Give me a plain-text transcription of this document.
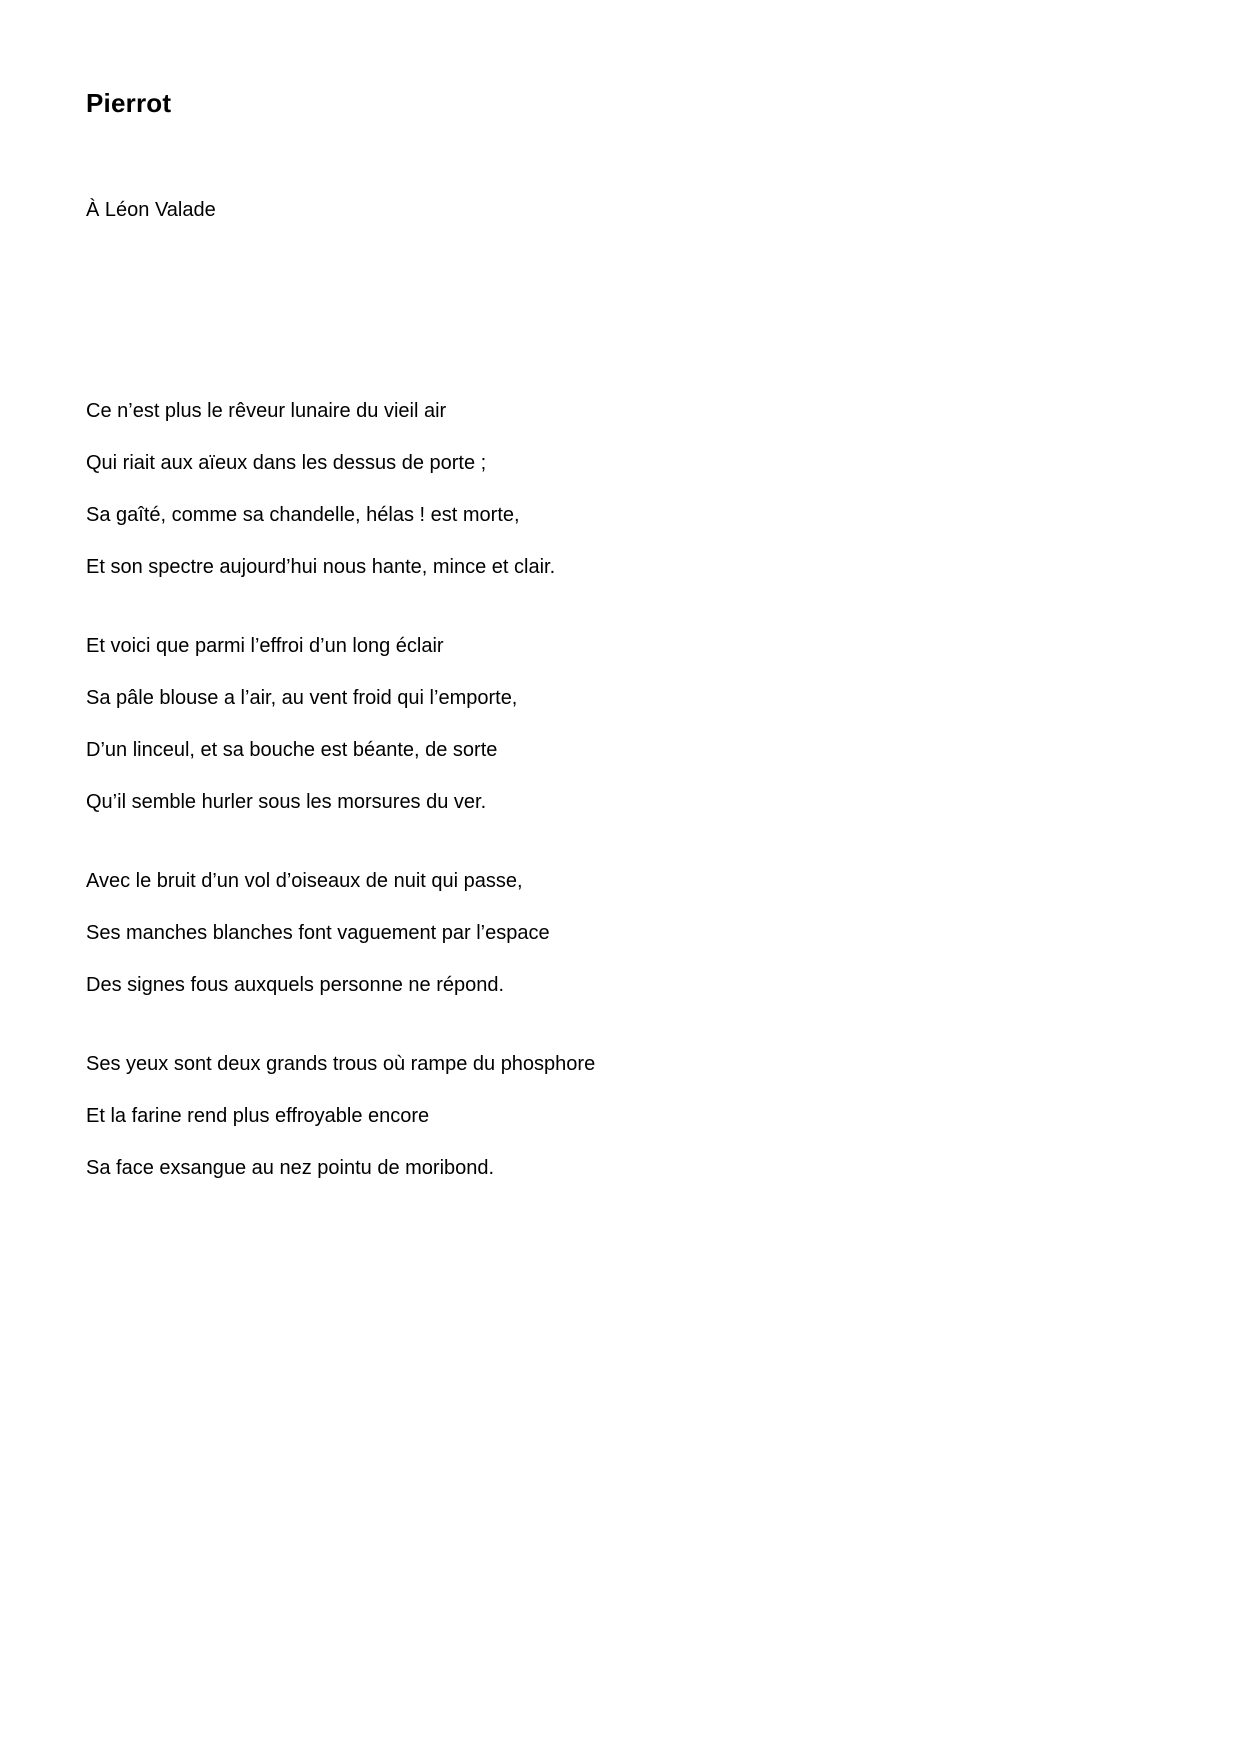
Pierrot

À Léon Valade

Ce n’est plus le rêveur lunaire du vieil air
Qui riait aux aïeux dans les dessus de porte ;
Sa gaîté, comme sa chandelle, hélas ! est morte,
Et son spectre aujourd’hui nous hante, mince et clair.
Et voici que parmi l’effroi d’un long éclair
Sa pâle blouse a l’air, au vent froid qui l’emporte,
D’un linceul, et sa bouche est béante, de sorte
Qu’il semble hurler sous les morsures du ver.
Avec le bruit d’un vol d’oiseaux de nuit qui passe,
Ses manches blanches font vaguement par l’espace
Des signes fous auxquels personne ne répond.
Ses yeux sont deux grands trous où rampe du phosphore
Et la farine rend plus effroyable encore
Sa face exsangue au nez pointu de moribond.
